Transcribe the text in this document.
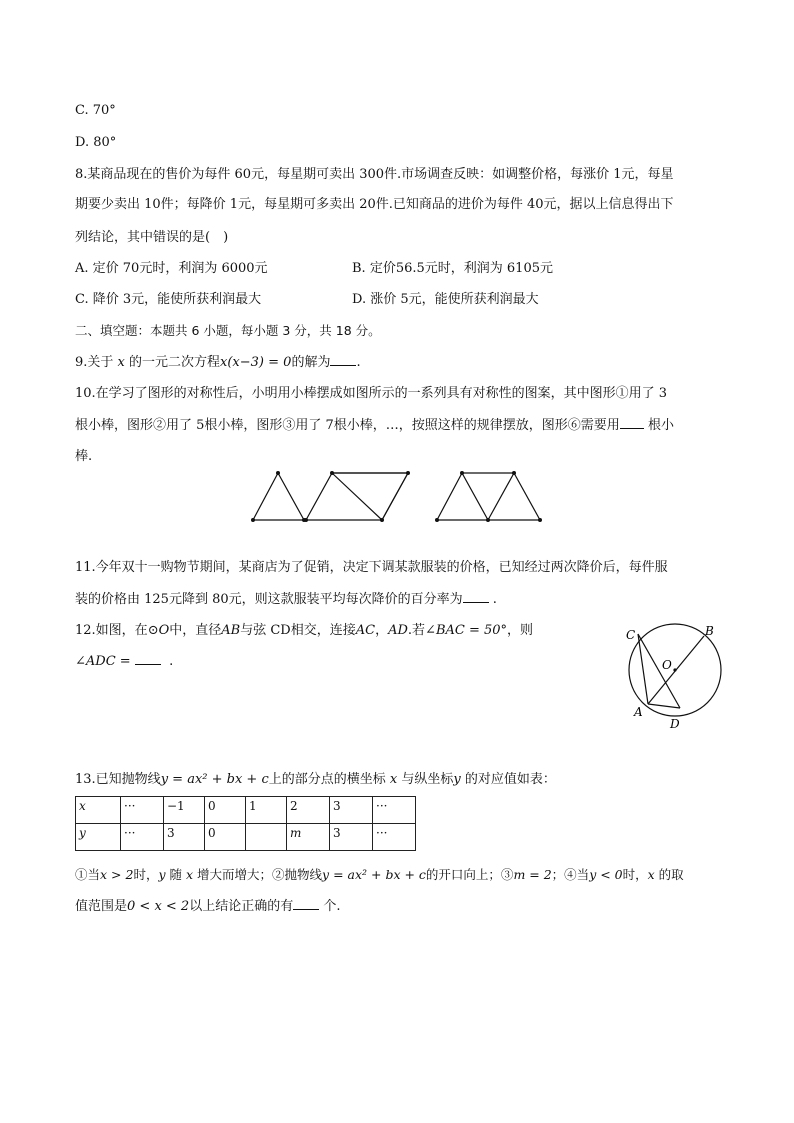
C. 70°
D. 80°
8.某商品现在的售价为每件 60元，每星期可卖出 300件.市场调查反映：如调整价格，每涨价 1元，每星
期要少卖出 10件；每降价 1元，每星期可多卖出 20件.已知商品的进价为每件 40元，据以上信息得出下
列结论，其中错误的是(　)
A. 定价 70元时，利润为 6000元	B. 定价56.5元时，利润为 6105元
C. 降价 3元，能使所获利润最大	D. 涨价 5元，能使所获利润最大
二、填空题：本题共 6 小题，每小题 3 分，共 18 分。
9.关于 x 的一元二次方程x(x−3) = 0的解为 .
10.在学习了图形的对称性后，小明用小棒摆成如图所示的一系列具有对称性的图案，其中图形①用了 3
根小棒，图形②用了 5根小棒，图形③用了 7根小棒，…，按照这样的规律摆放，图形⑥需要用 根小
棒.
11.今年双十一购物节期间，某商店为了促销，决定下调某款服装的价格，已知经过两次降价后，每件服
装的价格由 125元降到 80元，则这款服装平均每次降价的百分率为 .
12.如图，在⊙O中，直径AB与弦 CD相交，连接AC，AD.若∠BAC = 50°，则
∠ADC =	.
C	B
O
A
D
13.已知抛物线y = ax² + bx + c上的部分点的横坐标 x 与纵坐标y 的对应值如表：
x	···	−1	0	1	2	3	···
y	···	3	0		m	3	···
①当x > 2时，y 随 x 增大而增大；②抛物线y = ax² + bx + c的开口向上；③m = 2；④当y < 0时，x 的取
值范围是0 < x < 2以上结论正确的有 个.
